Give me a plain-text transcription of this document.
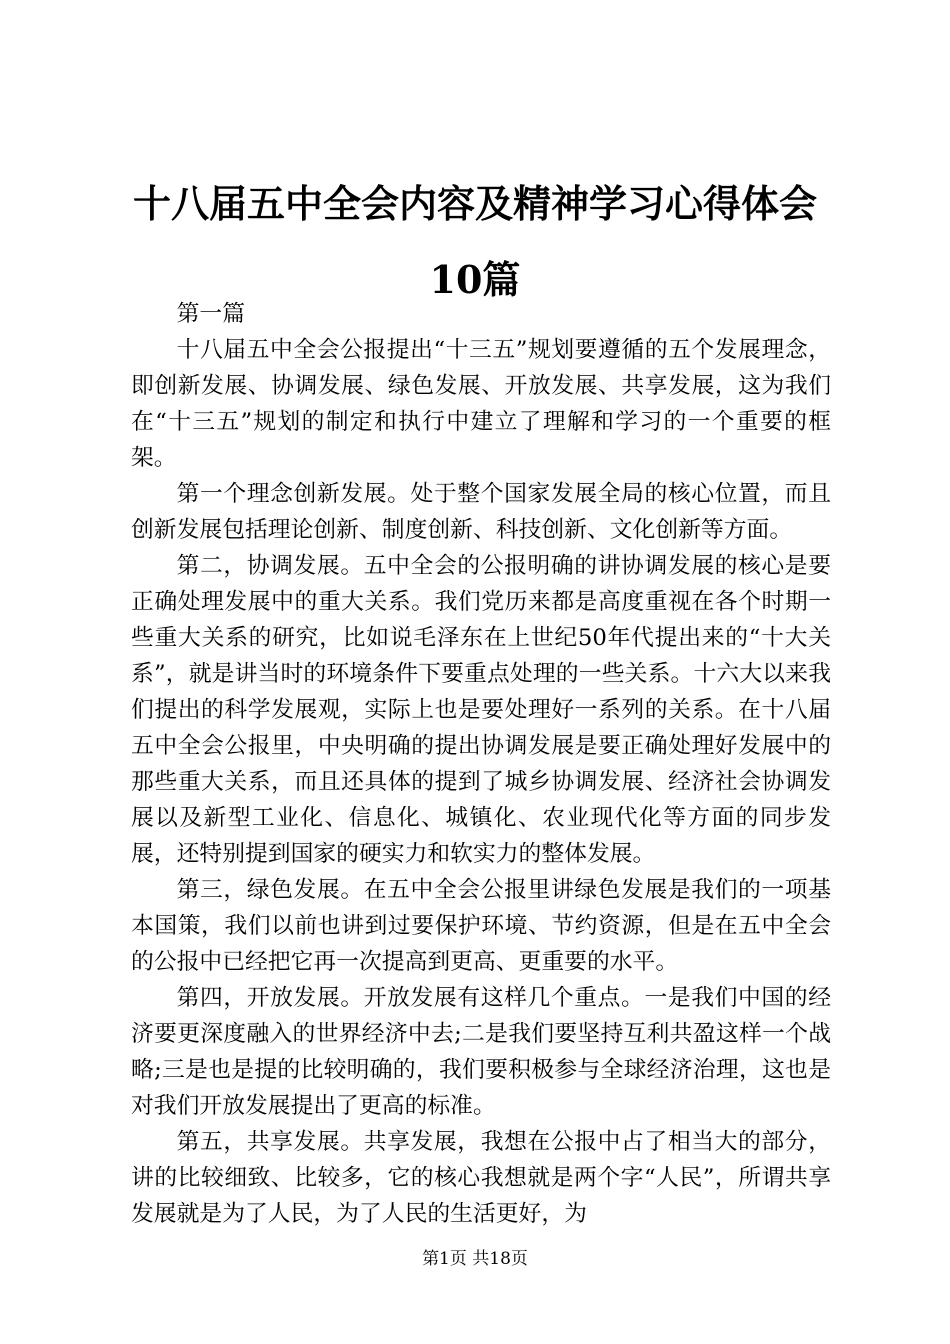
十八届五中全会内容及精神学习心得体会10篇

第一篇

十八届五中全会公报提出“十三五”规划要遵循的五个发展理念，即创新发展、协调发展、绿色发展、开放发展、共享发展，这为我们在“十三五”规划的制定和执行中建立了理解和学习的一个重要的框架。

第一个理念创新发展。处于整个国家发展全局的核心位置，而且创新发展包括理论创新、制度创新、科技创新、文化创新等方面。

第二，协调发展。五中全会的公报明确的讲协调发展的核心是要正确处理发展中的重大关系。我们党历来都是高度重视在各个时期一些重大关系的研究，比如说毛泽东在上世纪50年代提出来的“十大关系”，就是讲当时的环境条件下要重点处理的一些关系。十六大以来我们提出的科学发展观，实际上也是要处理好一系列的关系。在十八届五中全会公报里，中央明确的提出协调发展是要正确处理好发展中的那些重大关系，而且还具体的提到了城乡协调发展、经济社会协调发展以及新型工业化、信息化、城镇化、农业现代化等方面的同步发展，还特别提到国家的硬实力和软实力的整体发展。

第三，绿色发展。在五中全会公报里讲绿色发展是我们的一项基本国策，我们以前也讲到过要保护环境、节约资源，但是在五中全会的公报中已经把它再一次提高到更高、更重要的水平。

第四，开放发展。开放发展有这样几个重点。一是我们中国的经济要更深度融入的世界经济中去;二是我们要坚持互利共盈这样一个战略;三是也是提的比较明确的，我们要积极参与全球经济治理，这也是对我们开放发展提出了更高的标准。

第五，共享发展。共享发展，我想在公报中占了相当大的部分，讲的比较细致、比较多，它的核心我想就是两个字“人民”，所谓共享发展就是为了人民，为了人民的生活更好，为

第1页 共18页
